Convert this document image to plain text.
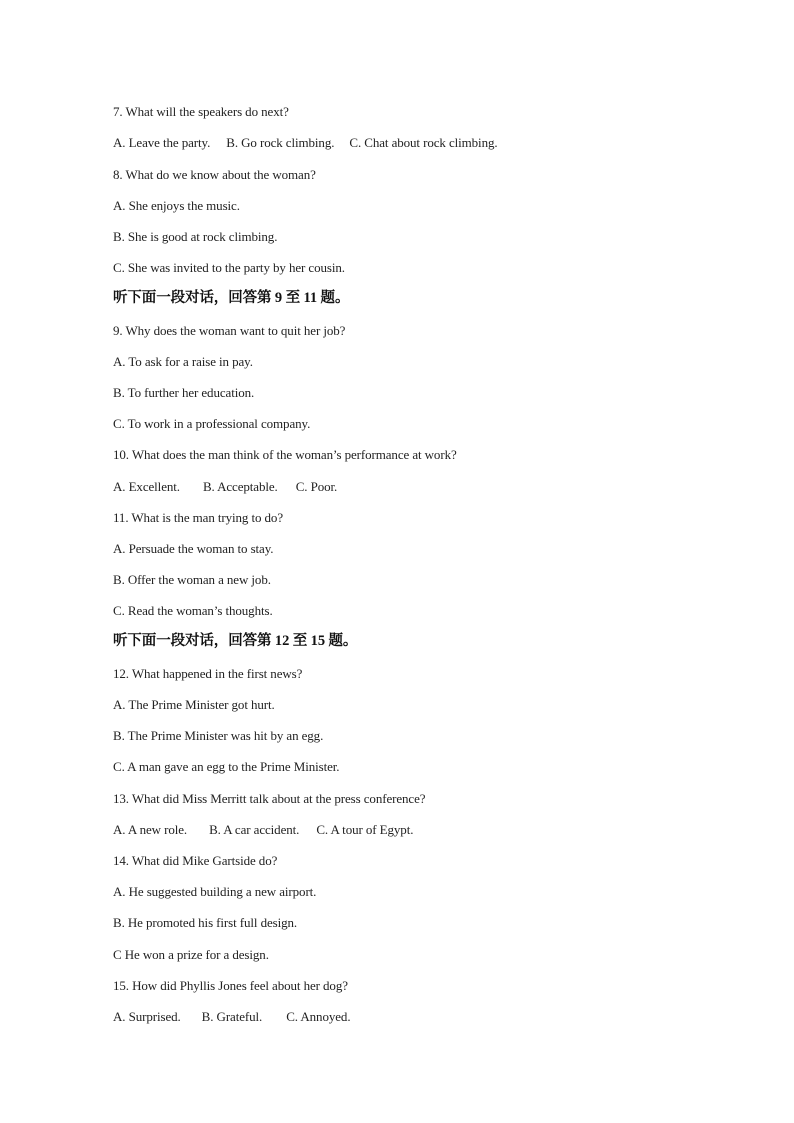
7. What will the speakers do next?
A. Leave the party. B. Go rock climbing. C. Chat about rock climbing.
8. What do we know about the woman?
A. She enjoys the music.
B. She is good at rock climbing.
C. She was invited to the party by her cousin.
听下面一段对话，回答第 9 至 11 题。
9. Why does the woman want to quit her job?
A. To ask for a raise in pay.
B. To further her education.
C. To work in a professional company.
10. What does the man think of the woman’s performance at work?
A. Excellent. B. Acceptable. C. Poor.
11. What is the man trying to do?
A. Persuade the woman to stay.
B. Offer the woman a new job.
C. Read the woman’s thoughts.
听下面一段对话，回答第 12 至 15 题。
12. What happened in the first news?
A. The Prime Minister got hurt.
B. The Prime Minister was hit by an egg.
C. A man gave an egg to the Prime Minister.
13. What did Miss Merritt talk about at the press conference?
A. A new role. B. A car accident. C. A tour of Egypt.
14. What did Mike Gartside do?
A. He suggested building a new airport.
B. He promoted his first full design.
C He won a prize for a design.
15. How did Phyllis Jones feel about her dog?
A. Surprised. B. Grateful. C. Annoyed.
